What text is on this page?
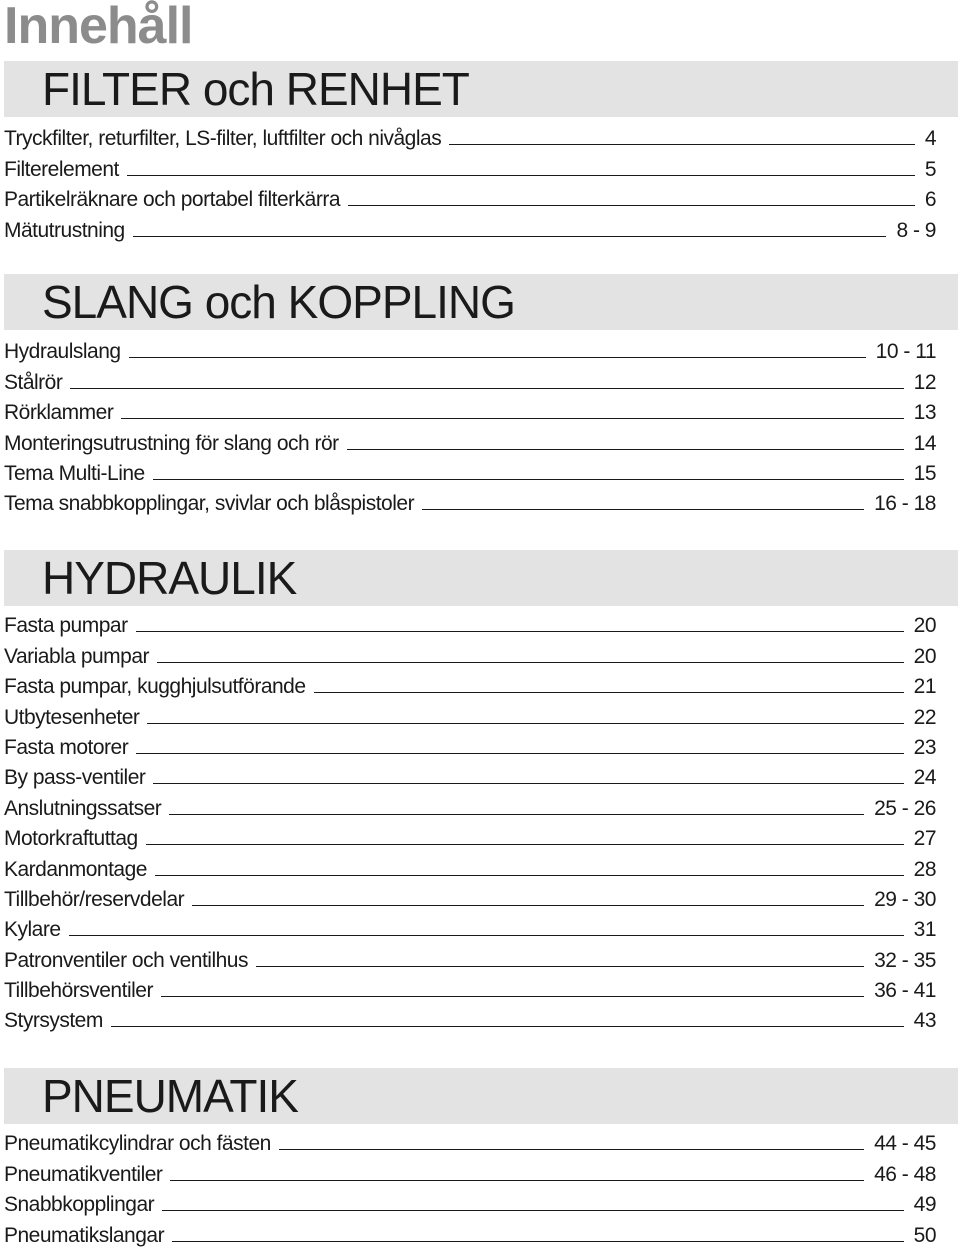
Innehåll
FILTER och RENHET
Tryckfilter, returfilter, LS-filter, luftfilter och nivåglas	4
Filterelement	5
Partikelräknare och portabel filterkärra	6
Mätutrustning	8 - 9
SLANG och KOPPLING
Hydraulslang	10 - 11
Stålrör	12
Rörklammer	13
Monteringsutrustning för slang och rör	14
Tema Multi-Line	15
Tema snabbkopplingar, svivlar och blåspistoler	16 - 18
HYDRAULIK
Fasta pumpar	20
Variabla pumpar	20
Fasta pumpar, kugghjulsutförande	21
Utbytesenheter	22
Fasta motorer	23
By pass-ventiler	24
Anslutningssatser	25 - 26
Motorkraftuttag	27
Kardanmontage	28
Tillbehör/reservdelar	29 - 30
Kylare	31
Patronventiler och ventilhus	32 - 35
Tillbehörsventiler	36 - 41
Styrsystem	43
PNEUMATIK
Pneumatikcylindrar och fästen	44 - 45
Pneumatikventiler	46 - 48
Snabbkopplingar	49
Pneumatikslangar	50
